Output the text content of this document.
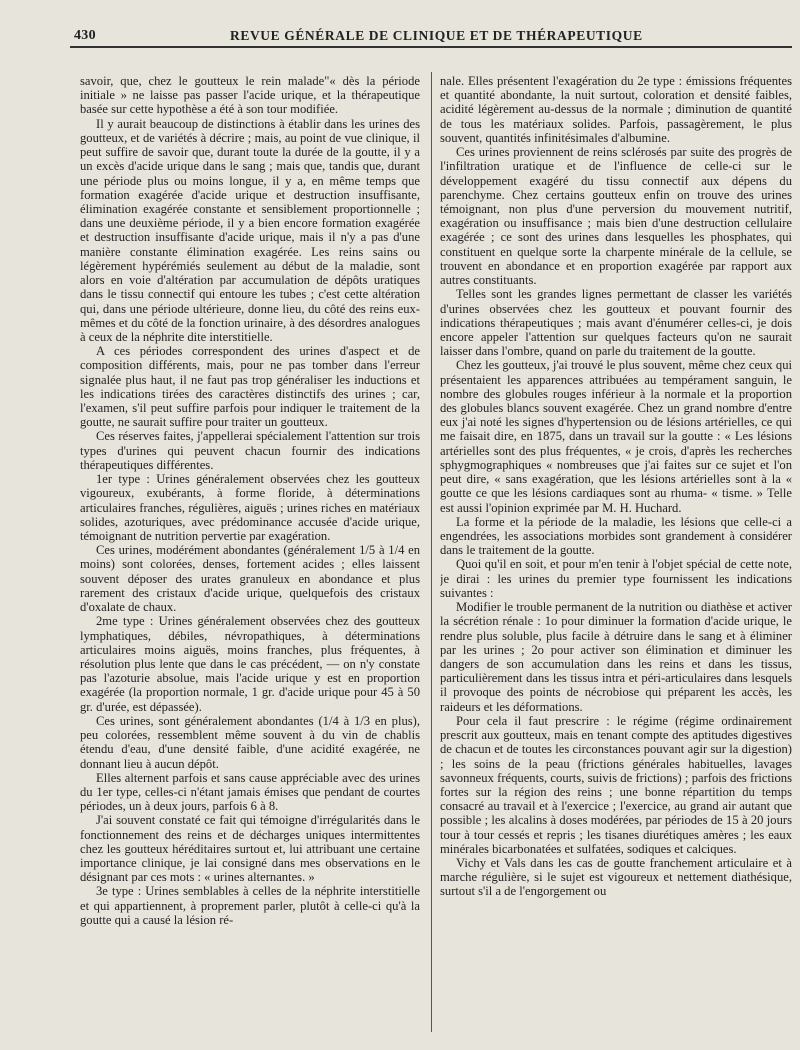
430	REVUE GÉNÉRALE DE CLINIQUE ET DE THÉRAPEUTIQUE

savoir, que, chez le goutteux le rein malade"« dès la période initiale » ne laisse pas passer l'acide urique, et la thérapeutique basée sur cette hypothèse a été à son tour modifiée.

Il y aurait beaucoup de distinctions à établir dans les urines des goutteux, et de variétés à décrire ; mais, au point de vue clinique, il peut suffire de savoir que, durant toute la durée de la goutte, il y a un excès d'acide urique dans le sang ; mais que, tandis que, durant une période plus ou moins longue, il y a, en même temps que formation exagérée d'acide urique et destruction insuffisante, élimination exagérée constante et sensiblement proportionnelle ; dans une deuxième période, il y a bien encore formation exagérée et destruction insuffisante d'acide urique, mais il n'y a pas d'une manière constante élimination exagérée. Les reins sains ou légèrement hypérémiés seulement au début de la maladie, sont alors en voie d'altération par accumulation de dépôts uratiques dans le tissu connectif qui entoure les tubes ; c'est cette altération qui, dans une période ultérieure, donne lieu, du côté des reins eux-mêmes et du côté de la fonction urinaire, à des désordres analogues à ceux de la néphrite dite interstitielle.

A ces périodes correspondent des urines d'aspect et de composition différents, mais, pour ne pas tomber dans l'erreur signalée plus haut, il ne faut pas trop généraliser les inductions et les indications tirées des caractères distinctifs des urines ; car, l'examen, s'il peut suffire parfois pour indiquer le traitement de la goutte, ne saurait suffire pour traiter un goutteux.

Ces réserves faites, j'appellerai spécialement l'attention sur trois types d'urines qui peuvent chacun fournir des indications thérapeutiques différentes.

1er type : Urines généralement observées chez les goutteux vigoureux, exubérants, à forme floride, à déterminations articulaires franches, régulières, aiguës ; urines riches en matériaux solides, azoturiques, avec prédominance accusée d'acide urique, témoignant de nutrition pervertie par exagération.

Ces urines, modérément abondantes (généralement 1/5 à 1/4 en moins) sont colorées, denses, fortement acides ; elles laissent souvent déposer des urates granuleux en abondance et plus rarement des cristaux d'acide urique, quelquefois des cristaux d'oxalate de chaux.

2me type : Urines généralement observées chez des goutteux lymphatiques, débiles, névropathiques, à déterminations articulaires moins aiguës, moins franches, plus fréquentes, à résolution plus lente que dans le cas précédent, — on n'y constate pas l'azoturie absolue, mais l'acide urique y est en proportion exagérée (la proportion normale, 1 gr. d'acide urique pour 45 à 50 gr. d'urée, est dépassée).

Ces urines, sont généralement abondantes (1/4 à 1/3 en plus), peu colorées, ressemblent même souvent à du vin de chablis étendu d'eau, d'une densité faible, d'une acidité exagérée, ne donnant lieu à aucun dépôt.

Elles alternent parfois et sans cause appréciable avec des urines du 1er type, celles-ci n'étant jamais émises que pendant de courtes périodes, un à deux jours, parfois 6 à 8.

J'ai souvent constaté ce fait qui témoigne d'irrégularités dans le fonctionnement des reins et de décharges uniques intermittentes chez les goutteux héréditaires surtout et, lui attribuant une certaine importance clinique, je lai consigné dans mes observations en le désignant par ces mots : « urines alternantes. »

3e type : Urines semblables à celles de la néphrite interstitielle et qui appartiennent, à proprement parler, plutôt à celle-ci qu'à la goutte qui a causé la lésion ré-

nale. Elles présentent l'exagération du 2e type : émissions fréquentes et quantité abondante, la nuit surtout, coloration et densité faibles, acidité légèrement au-dessus de la normale ; diminution de quantité de tous les matériaux solides. Parfois, passagèrement, le plus souvent, quantités infinitésimales d'albumine.

Ces urines proviennent de reins sclérosés par suite des progrès de l'infiltration uratique et de l'influence de celle-ci sur le développement exagéré du tissu connectif aux dépens du parenchyme. Chez certains goutteux enfin on trouve des urines témoignant, non plus d'une perversion du mouvement nutritif, exagération ou insuffisance ; mais bien d'une destruction cellulaire exagérée ; ce sont des urines dans lesquelles les phosphates, qui constituent en quelque sorte la charpente minérale de la cellule, se trouvent en abondance et en proportion exagérée par rapport aux autres constituants.

Telles sont les grandes lignes permettant de classer les variétés d'urines observées chez les goutteux et pouvant fournir des indications thérapeutiques ; mais avant d'énumérer celles-ci, je dois encore appeler l'attention sur quelques facteurs qu'on ne saurait laisser dans l'ombre, quand on parle du traitement de la goutte.

Chez les goutteux, j'ai trouvé le plus souvent, même chez ceux qui présentaient les apparences attribuées au tempérament sanguin, le nombre des globules rouges inférieur à la normale et la proportion des globules blancs souvent exagérée. Chez un grand nombre d'entre eux j'ai noté les signes d'hypertension ou de lésions artérielles, ce qui me faisait dire, en 1875, dans un travail sur la goutte : « Les lésions artérielles sont des plus fréquentes, « je crois, d'après les recherches sphygmographiques « nombreuses que j'ai faites sur ce sujet et l'on peut dire, « sans exagération, que les lésions artérielles sont à la « goutte ce que les lésions cardiaques sont au rhuma- « tisme. » Telle est aussi l'opinion exprimée par M. H. Huchard.

La forme et la période de la maladie, les lésions que celle-ci a engendrées, les associations morbides sont grandement à considérer dans le traitement de la goutte.

Quoi qu'il en soit, et pour m'en tenir à l'objet spécial de cette note, je dirai : les urines du premier type fournissent les indications suivantes :

Modifier le trouble permanent de la nutrition ou diathèse et activer la sécrétion rénale : 1o pour diminuer la formation d'acide urique, le rendre plus soluble, plus facile à détruire dans le sang et à éliminer par les urines ; 2o pour activer son élimination et diminuer les dangers de son accumulation dans les reins et dans les tissus, particulièrement dans les tissus intra et péri-articulaires dans lesquels il provoque des points de nécrobiose qui préparent les accès, les raideurs et les déformations.

Pour cela il faut prescrire : le régime (régime ordinairement prescrit aux goutteux, mais en tenant compte des aptitudes digestives de chacun et de toutes les circonstances pouvant agir sur la digestion) ; les soins de la peau (frictions générales habituelles, lavages savonneux fréquents, courts, suivis de frictions) ; parfois des frictions fortes sur la région des reins ; une bonne répartition du temps consacré au travail et à l'exercice ; l'exercice, au grand air autant que possible ; les alcalins à doses modérées, par périodes de 15 à 20 jours tour à tour cessés et repris ; les tisanes diurétiques amères ; les eaux minérales bicarbonatées et sulfatées, sodiques et calciques.

Vichy et Vals dans les cas de goutte franchement articulaire et à marche régulière, si le sujet est vigoureux et nettement diathésique, surtout s'il a de l'engorgement ou
